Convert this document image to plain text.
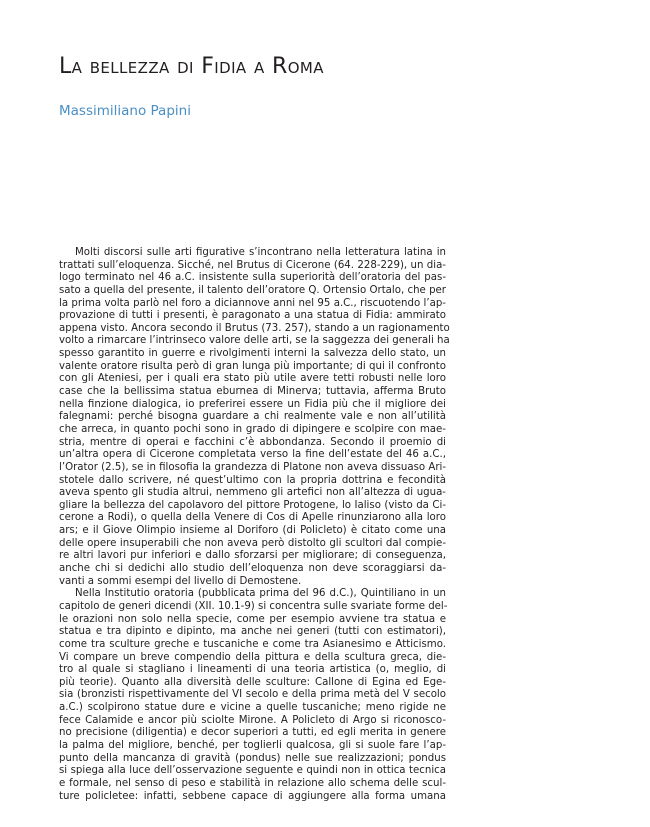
La bellezza di Fidia a Roma

Massimiliano Papini

Molti discorsi sulle arti figurative s’incontrano nella letteratura latina in
trattati sull’eloquenza. Sicché, nel Brutus di Cicerone (64. 228-229), un dia-
logo terminato nel 46 a.C. insistente sulla superiorità dell’oratoria del pas-
sato a quella del presente, il talento dell’oratore Q. Ortensio Ortalo, che per
la prima volta parlò nel foro a diciannove anni nel 95 a.C., riscuotendo l’ap-
provazione di tutti i presenti, è paragonato a una statua di Fidia: ammirato
appena visto. Ancora secondo il Brutus (73. 257), stando a un ragionamento
volto a rimarcare l’intrinseco valore delle arti, se la saggezza dei generali ha
spesso garantito in guerre e rivolgimenti interni la salvezza dello stato, un
valente oratore risulta però di gran lunga più importante; di qui il confronto
con gli Ateniesi, per i quali era stato più utile avere tetti robusti nelle loro
case che la bellissima statua eburnea di Minerva; tuttavia, afferma Bruto
nella finzione dialogica, io preferirei essere un Fidia più che il migliore dei
falegnami: perché bisogna guardare a chi realmente vale e non all’utilità
che arreca, in quanto pochi sono in grado di dipingere e scolpire con mae-
stria, mentre di operai e facchini c’è abbondanza. Secondo il proemio di
un’altra opera di Cicerone completata verso la fine dell’estate del 46 a.C.,
l’Orator (2.5), se in filosofia la grandezza di Platone non aveva dissuaso Ari-
stotele dallo scrivere, né quest’ultimo con la propria dottrina e fecondità
aveva spento gli studia altrui, nemmeno gli artefici non all’altezza di ugua-
gliare la bellezza del capolavoro del pittore Protogene, lo Ialiso (visto da Ci-
cerone a Rodi), o quella della Venere di Cos di Apelle rinunziarono alla loro
ars; e il Giove Olimpio insieme al Doriforo (di Policleto) è citato come una
delle opere insuperabili che non aveva però distolto gli scultori dal compie-
re altri lavori pur inferiori e dallo sforzarsi per migliorare; di conseguenza,
anche chi si dedichi allo studio dell’eloquenza non deve scoraggiarsi da-
vanti a sommi esempi del livello di Demostene.
Nella Institutio oratoria (pubblicata prima del 96 d.C.), Quintiliano in un
capitolo de generi dicendi (XII. 10.1-9) si concentra sulle svariate forme del-
le orazioni non solo nella specie, come per esempio avviene tra statua e
statua e tra dipinto e dipinto, ma anche nei generi (tutti con estimatori),
come tra sculture greche e tuscaniche e come tra Asianesimo e Atticismo.
Vi compare un breve compendio della pittura e della scultura greca, die-
tro al quale si stagliano i lineamenti di una teoria artistica (o, meglio, di
più teorie). Quanto alla diversità delle sculture: Callone di Egina ed Ege-
sia (bronzisti rispettivamente del VI secolo e della prima metà del V secolo
a.C.) scolpirono statue dure e vicine a quelle tuscaniche; meno rigide ne
fece Calamide e ancor più sciolte Mirone. A Policleto di Argo si riconosco-
no precisione (diligentia) e decor superiori a tutti, ed egli merita in genere
la palma del migliore, benché, per toglierli qualcosa, gli si suole fare l’ap-
punto della mancanza di gravità (pondus) nelle sue realizzazioni; pondus
si spiega alla luce dell’osservazione seguente e quindi non in ottica tecnica
e formale, nel senso di peso e stabilità in relazione allo schema delle scul-
ture policletee: infatti, sebbene capace di aggiungere alla forma umana
